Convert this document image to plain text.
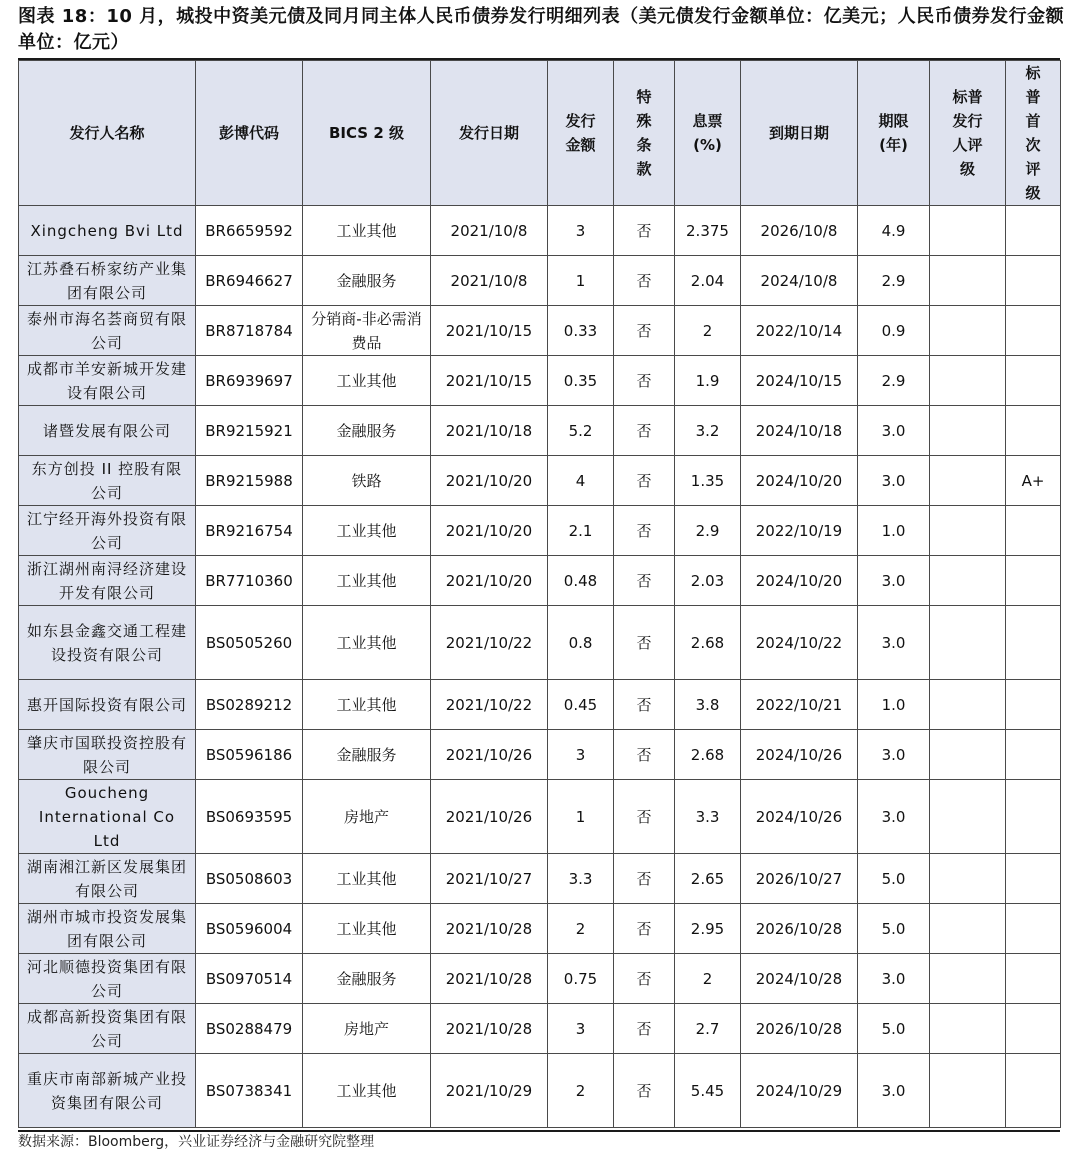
图表 18：10 月，城投中资美元债及同月同主体人民币债券发行明细列表（美元债发行金额单位：亿美元；人民币债券发行金额单位：亿元）
发行人名称	彭博代码	BICS 2 级	发行日期	发行金额	特殊条款	息票(%)	到期日期	期限(年)	标普发行人评级	标普首次评级
Xingcheng Bvi Ltd	BR6659592	工业其他	2021/10/8	3	否	2.375	2026/10/8	4.9		
江苏叠石桥家纺产业集团有限公司	BR6946627	金融服务	2021/10/8	1	否	2.04	2024/10/8	2.9		
泰州市海名荟商贸有限公司	BR8718784	分销商-非必需消费品	2021/10/15	0.33	否	2	2022/10/14	0.9		
成都市羊安新城开发建设有限公司	BR6939697	工业其他	2021/10/15	0.35	否	1.9	2024/10/15	2.9		
诸暨发展有限公司	BR9215921	金融服务	2021/10/18	5.2	否	3.2	2024/10/18	3.0		
东方创投 II 控股有限公司	BR9215988	铁路	2021/10/20	4	否	1.35	2024/10/20	3.0		A+
江宁经开海外投资有限公司	BR9216754	工业其他	2021/10/20	2.1	否	2.9	2022/10/19	1.0		
浙江湖州南浔经济建设开发有限公司	BR7710360	工业其他	2021/10/20	0.48	否	2.03	2024/10/20	3.0		
如东县金鑫交通工程建设投资有限公司	BS0505260	工业其他	2021/10/22	0.8	否	2.68	2024/10/22	3.0		
惠开国际投资有限公司	BS0289212	工业其他	2021/10/22	0.45	否	3.8	2022/10/21	1.0		
肇庆市国联投资控股有限公司	BS0596186	金融服务	2021/10/26	3	否	2.68	2024/10/26	3.0		
Goucheng International Co Ltd	BS0693595	房地产	2021/10/26	1	否	3.3	2024/10/26	3.0		
湖南湘江新区发展集团有限公司	BS0508603	工业其他	2021/10/27	3.3	否	2.65	2026/10/27	5.0		
湖州市城市投资发展集团有限公司	BS0596004	工业其他	2021/10/28	2	否	2.95	2026/10/28	5.0		
河北顺德投资集团有限公司	BS0970514	金融服务	2021/10/28	0.75	否	2	2024/10/28	3.0		
成都高新投资集团有限公司	BS0288479	房地产	2021/10/28	3	否	2.7	2026/10/28	5.0		
重庆市南部新城产业投资集团有限公司	BS0738341	工业其他	2021/10/29	2	否	5.45	2024/10/29	3.0		
数据来源：Bloomberg，兴业证券经济与金融研究院整理
